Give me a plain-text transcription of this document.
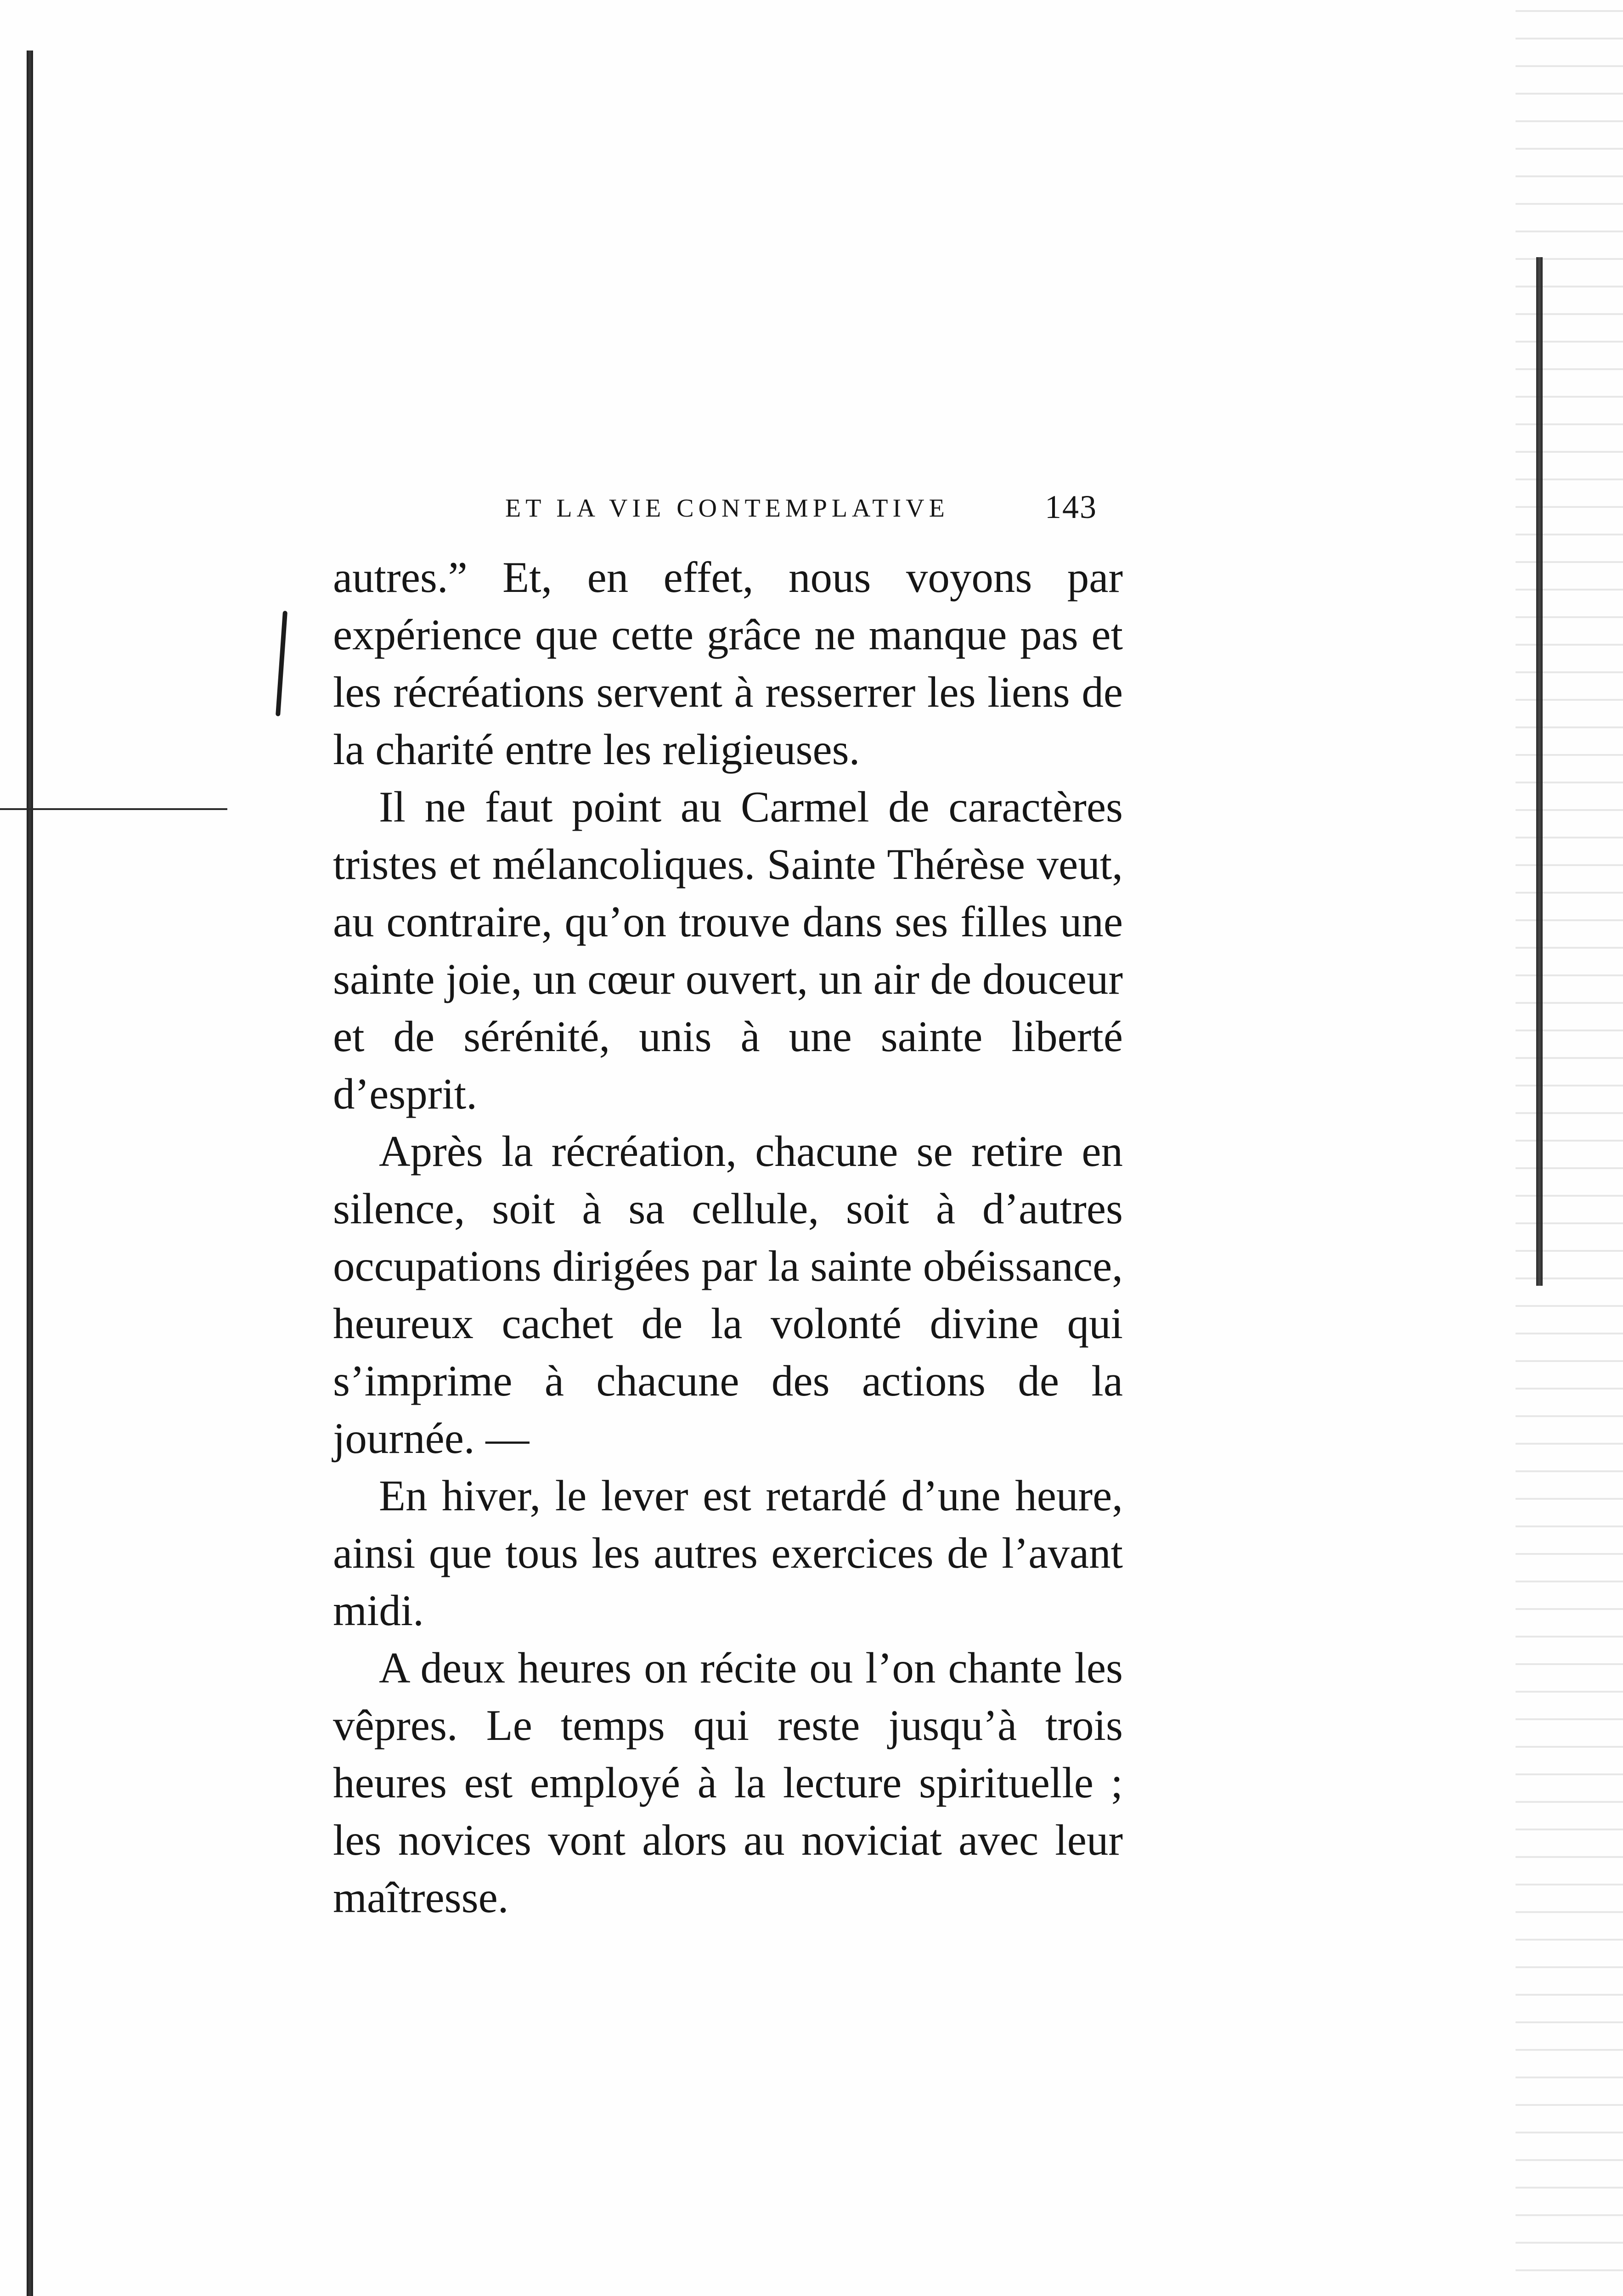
ET LA VIE CONTEMPLATIVE	143

autres.” Et, en effet, nous voyons par expérience que cette grâce ne manque pas et les récréations servent à resserrer les liens de la charité entre les religieuses.

Il ne faut point au Carmel de caractères tristes et mélancoliques. Sainte Thérèse veut, au contraire, qu’on trouve dans ses filles une sainte joie, un cœur ouvert, un air de douceur et de sérénité, unis à une sainte liberté d’esprit.

Après la récréation, chacune se retire en silence, soit à sa cellule, soit à d’autres occupations dirigées par la sainte obéissance, heureux cachet de la volonté divine qui s’imprime à chacune des actions de la journée. —

En hiver, le lever est retardé d’une heure, ainsi que tous les autres exercices de l’avant midi.

A deux heures on récite ou l’on chante les vêpres. Le temps qui reste jusqu’à trois heures est employé à la lecture spirituelle ; les novices vont alors au noviciat avec leur maîtresse.
